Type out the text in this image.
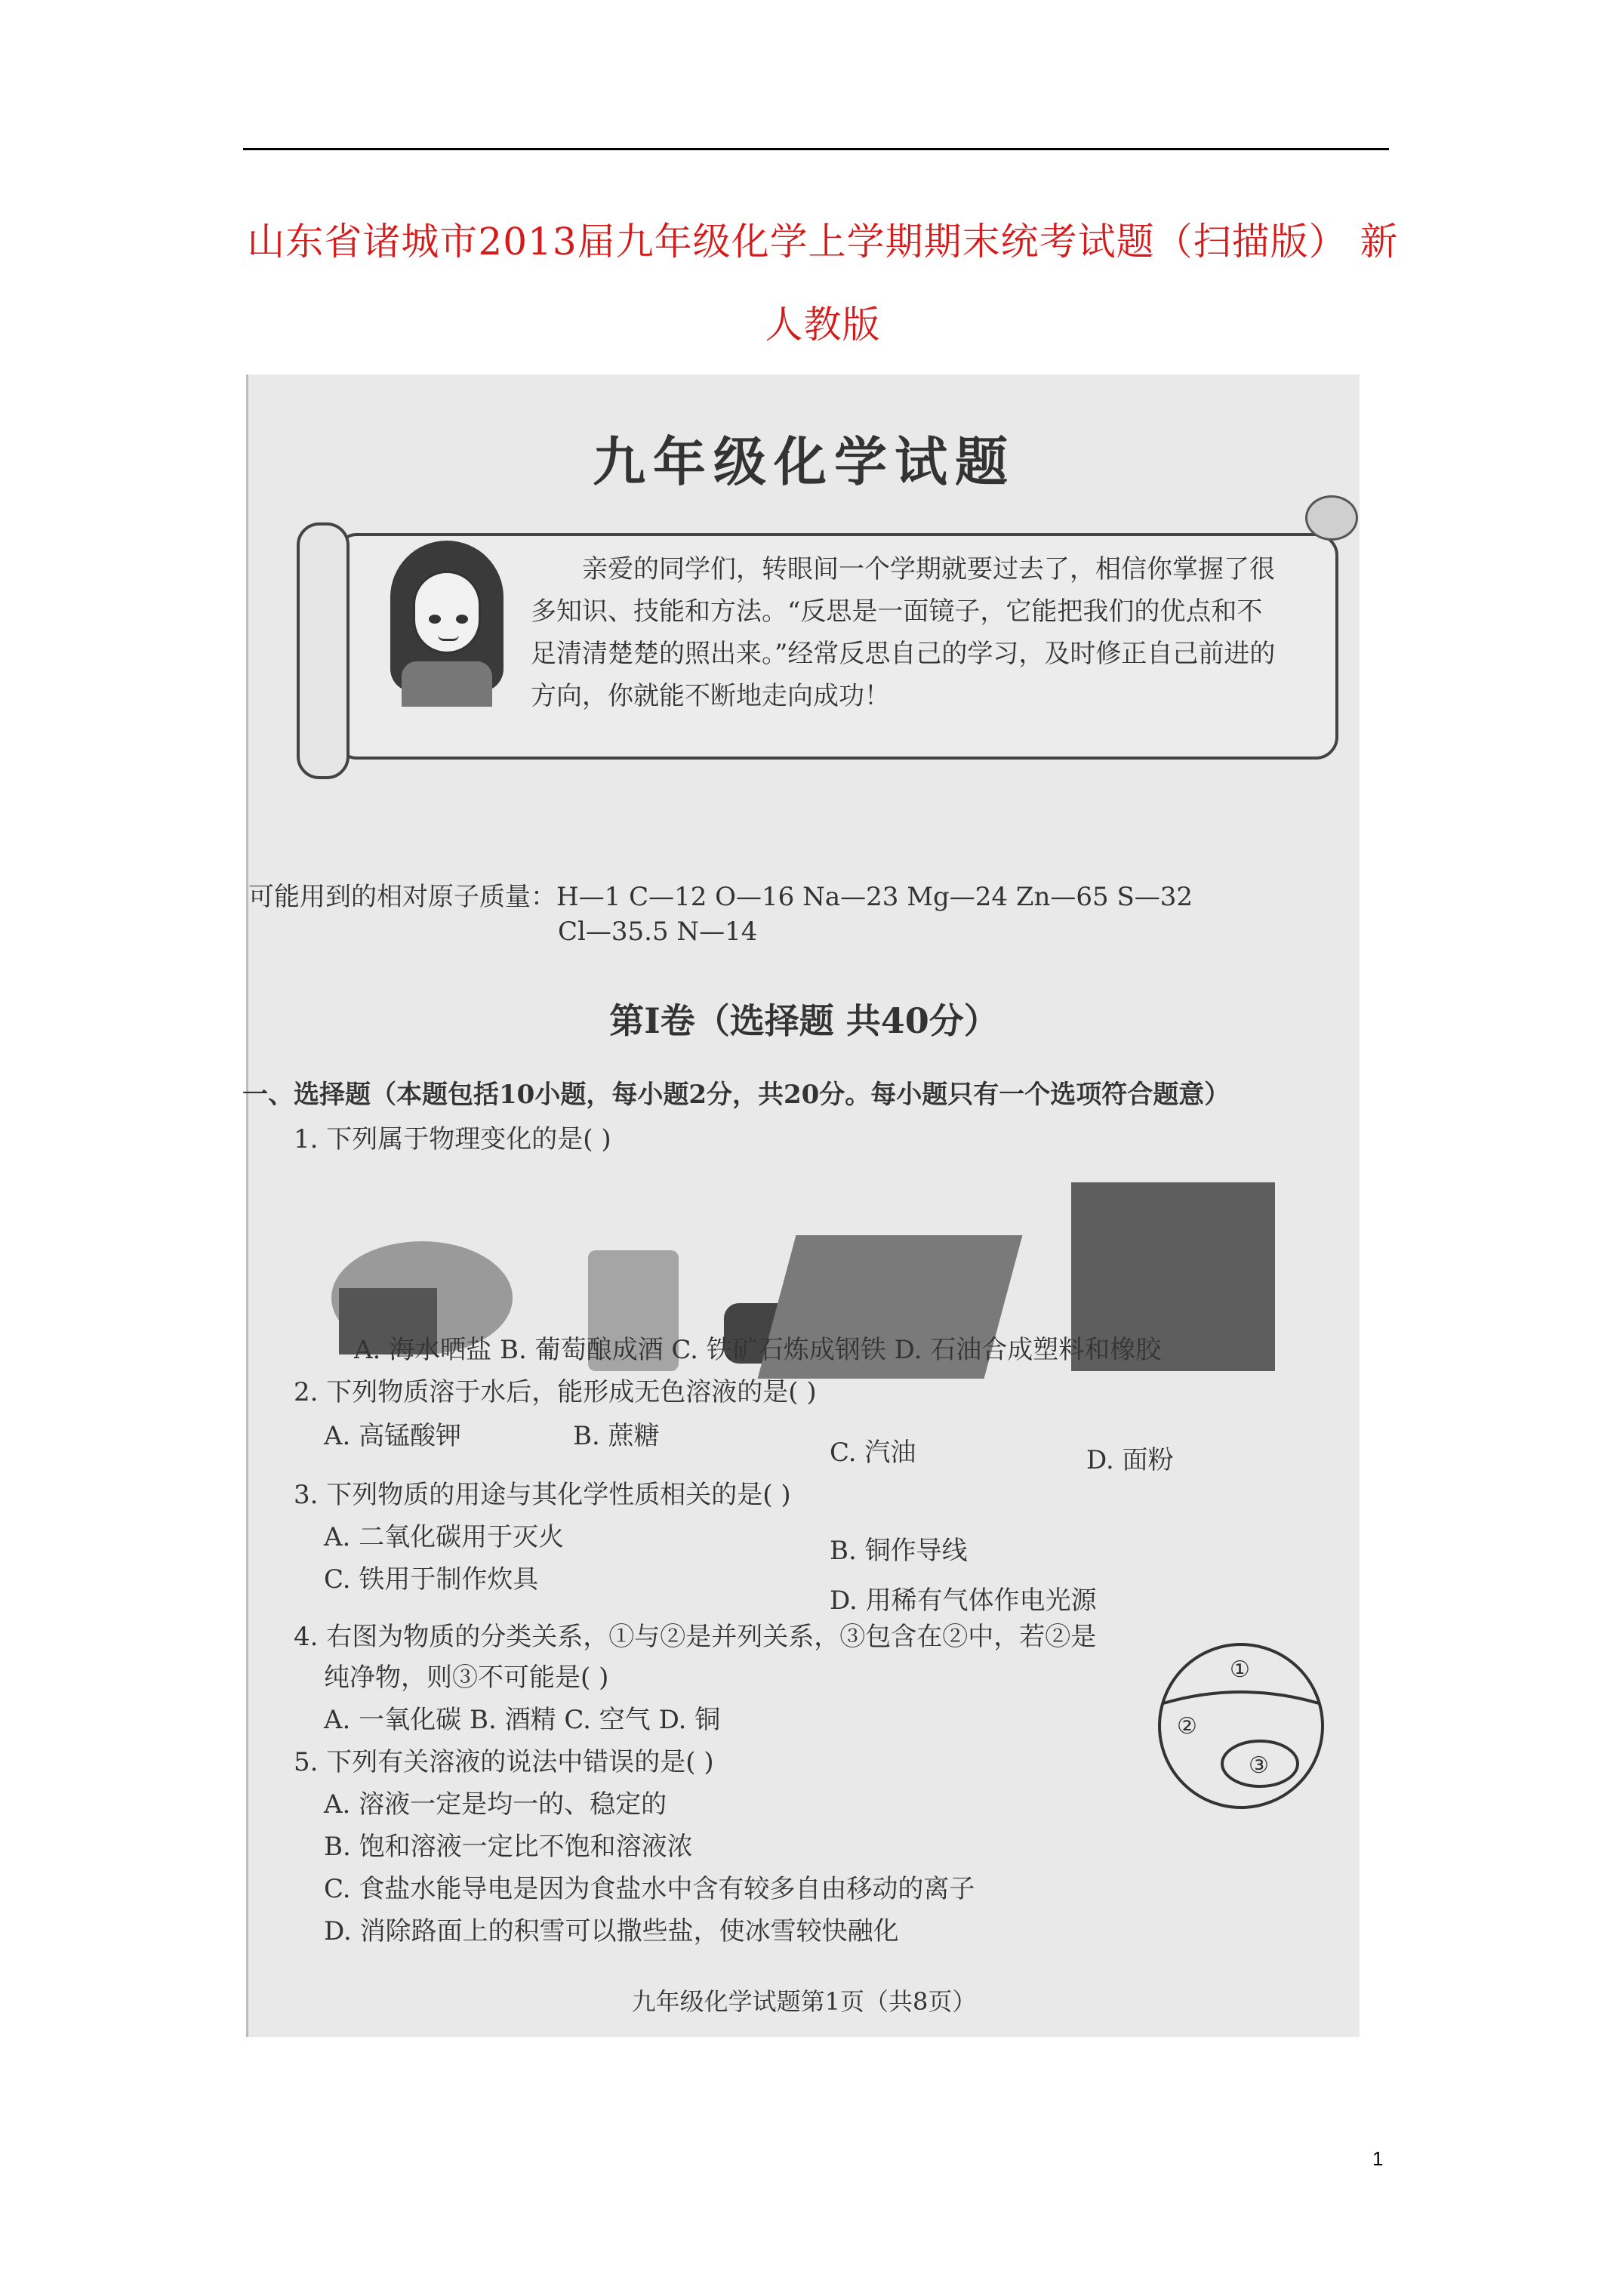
山东省诸城市2013届九年级化学上学期期末统考试题（扫描版） 新
人教版
九年级化学试题
亲爱的同学们，转眼间一个学期就要过去了，相信你掌握了很多知识、技能和方法。“反思是一面镜子，它能把我们的优点和不足清清楚楚的照出来。”经常反思自己的学习，及时修正自己前进的方向，你就能不断地走向成功！
可能用到的相对原子质量：H—1 C—12 O—16 Na—23 Mg—24 Zn—65 S—32
Cl—35.5 N—14
第Ⅰ卷（选择题 共40分）
一、选择题（本题包括10小题，每小题2分，共20分。每小题只有一个选项符合题意）
1. 下列属于物理变化的是( )
A. 海水晒盐 B. 葡萄酿成酒 C. 铁矿石炼成钢铁 D. 石油合成塑料和橡胶
2. 下列物质溶于水后，能形成无色溶液的是( )
A. 高锰酸钾	B. 蔗糖
C. 汽油	D. 面粉
3. 下列物质的用途与其化学性质相关的是( )
A. 二氧化碳用于灭火	B. 铜作导线
C. 铁用于制作炊具
D. 用稀有气体作电光源
4. 右图为物质的分类关系，①与②是并列关系，③包含在②中，若②是
纯净物，则③不可能是( )
A. 一氧化碳 B. 酒精 C. 空气 D. 铜
①
②
③
5. 下列有关溶液的说法中错误的是( )
A. 溶液一定是均一的、稳定的
B. 饱和溶液一定比不饱和溶液浓
C. 食盐水能导电是因为食盐水中含有较多自由移动的离子
D. 消除路面上的积雪可以撒些盐，使冰雪较快融化
九年级化学试题第1页（共8页）
1
